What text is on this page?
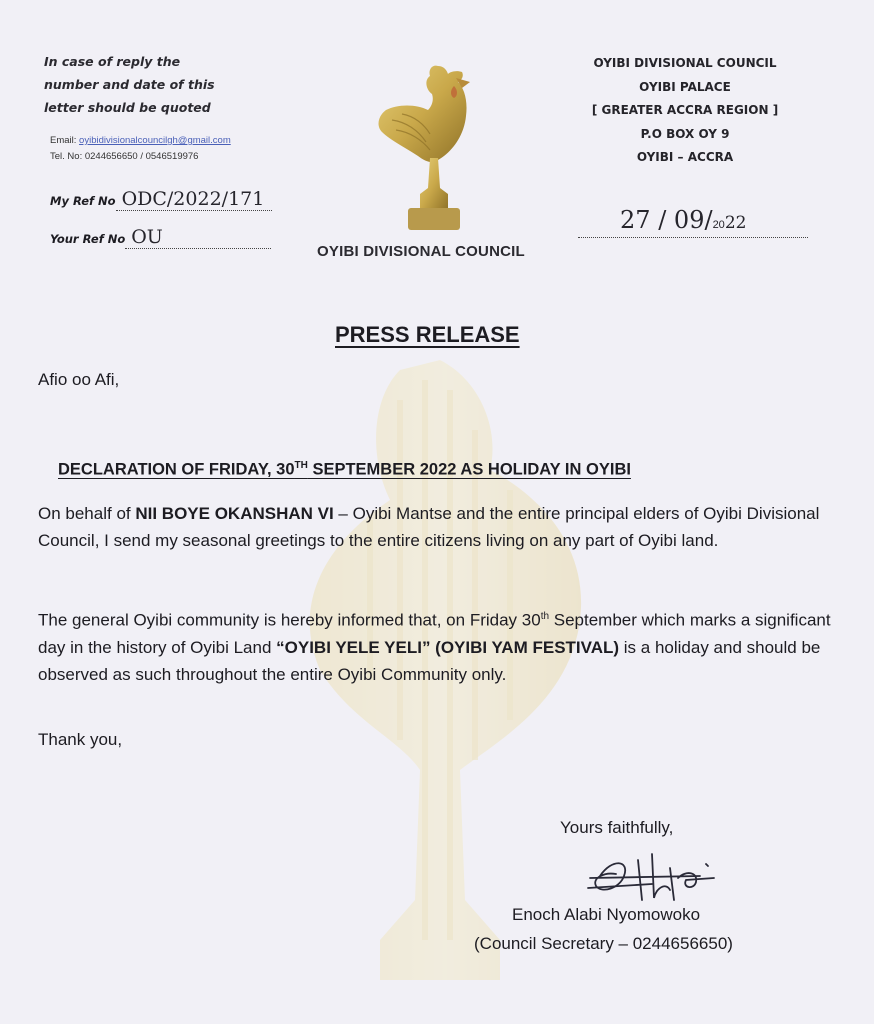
In case of reply the
number and date of this
letter should be quoted
Email: oyibidivisionalcouncilgh@gmail.com
Tel. No: 0244656650 / 0546519976
My Ref No ODC/2022/171
Your Ref No OU
OYIBI DIVISIONAL COUNCIL
OYIBI DIVISIONAL COUNCIL
OYIBI PALACE
[ GREATER ACCRA REGION ]
P.O BOX OY 9
OYIBI – ACCRA
27 / 09/2022
PRESS RELEASE
Afio oo Afi,
DECLARATION OF FRIDAY, 30TH SEPTEMBER 2022 AS HOLIDAY IN OYIBI
On behalf of NII BOYE OKANSHAN VI – Oyibi Mantse and the entire principal elders of Oyibi Divisional Council, I send my seasonal greetings to the entire citizens living on any part of Oyibi land.
The general Oyibi community is hereby informed that, on Friday 30th September which marks a significant day in the history of Oyibi Land “OYIBI YELE YELI” (OYIBI YAM FESTIVAL) is a holiday and should be observed as such throughout the entire Oyibi Community only.
Thank you,
Yours faithfully,
Enoch Alabi Nyomowoko
(Council Secretary – 0244656650)
